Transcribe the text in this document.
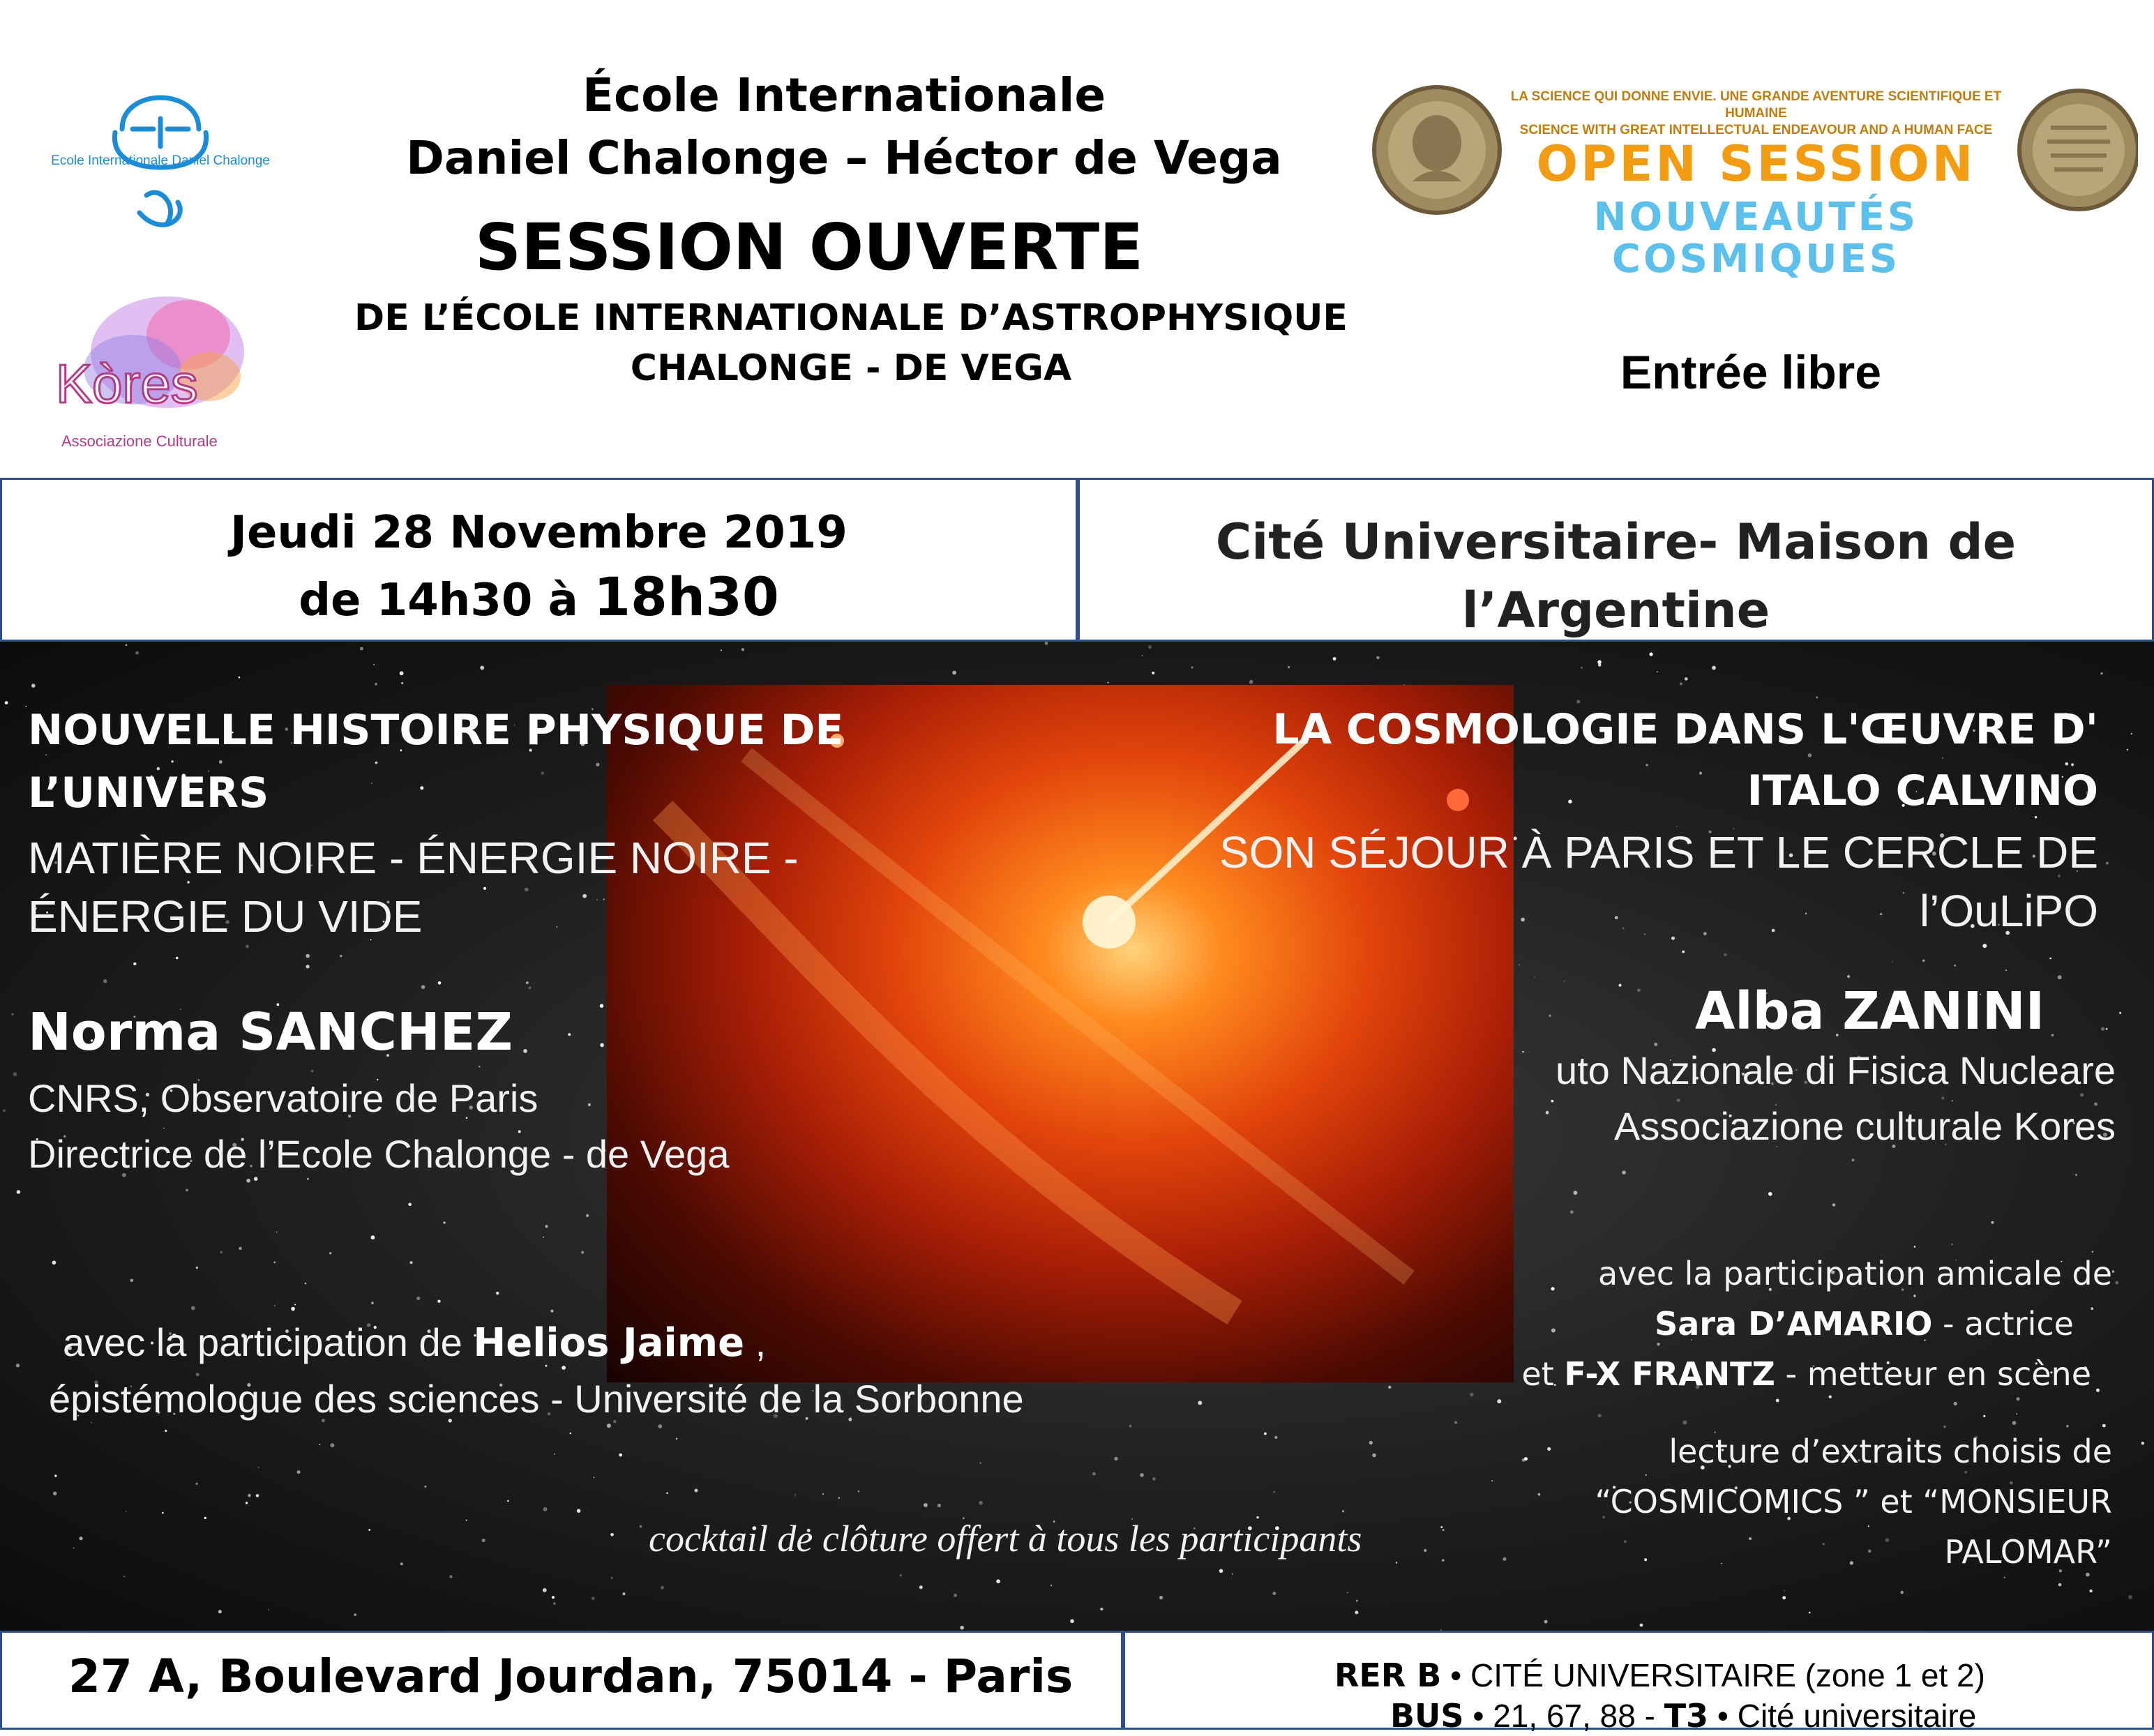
Ecole Internationale Daniel Chalonge
Kòres
Associazione Culturale
École Internationale
Daniel Chalonge – Héctor de Vega
SESSION OUVERTE
DE L’ÉCOLE INTERNATIONALE D’ASTROPHYSIQUE
CHALONGE - DE VEGA
LA SCIENCE QUI DONNE ENVIE. UNE GRANDE AVENTURE SCIENTIFIQUE ET HUMAINE
SCIENCE WITH GREAT INTELLECTUAL ENDEAVOUR AND A HUMAN FACE
OPEN SESSION
NOUVEAUTÉS
COSMIQUES
Entrée libre
Jeudi 28 Novembre 2019
de 14h30 à 18h30
Cité Universitaire- Maison de
l’Argentine
NOUVELLE HISTOIRE PHYSIQUE DE
L’UNIVERS
MATIÈRE NOIRE - ÉNERGIE NOIRE -
ÉNERGIE DU VIDE
Norma SANCHEZ
CNRS, Observatoire de Paris
Directrice de l’Ecole Chalonge - de Vega
avec la participation de Helios Jaime ,
épistémologue des sciences - Université de la Sorbonne
LA COSMOLOGIE DANS L'ŒUVRE D'
ITALO CALVINO
SON SÉJOUR À PARIS ET LE CERCLE DE
l’OuLiPO
Alba ZANINI
uto Nazionale di Fisica Nucleare
Associazione culturale Kores
avec la participation amicale de
Sara D’AMARIO - actrice
et F-X FRANTZ - metteur en scène
lecture d’extraits choisis de
“COSMICOMICS ” et “MONSIEUR
PALOMAR”
cocktail de clôture offert à tous les participants
27 A, Boulevard Jourdan, 75014 - Paris	RER B • CITÉ UNIVERSITAIRE (zone 1 et 2)
BUS • 21, 67, 88 - T3 • Cité universitaire
